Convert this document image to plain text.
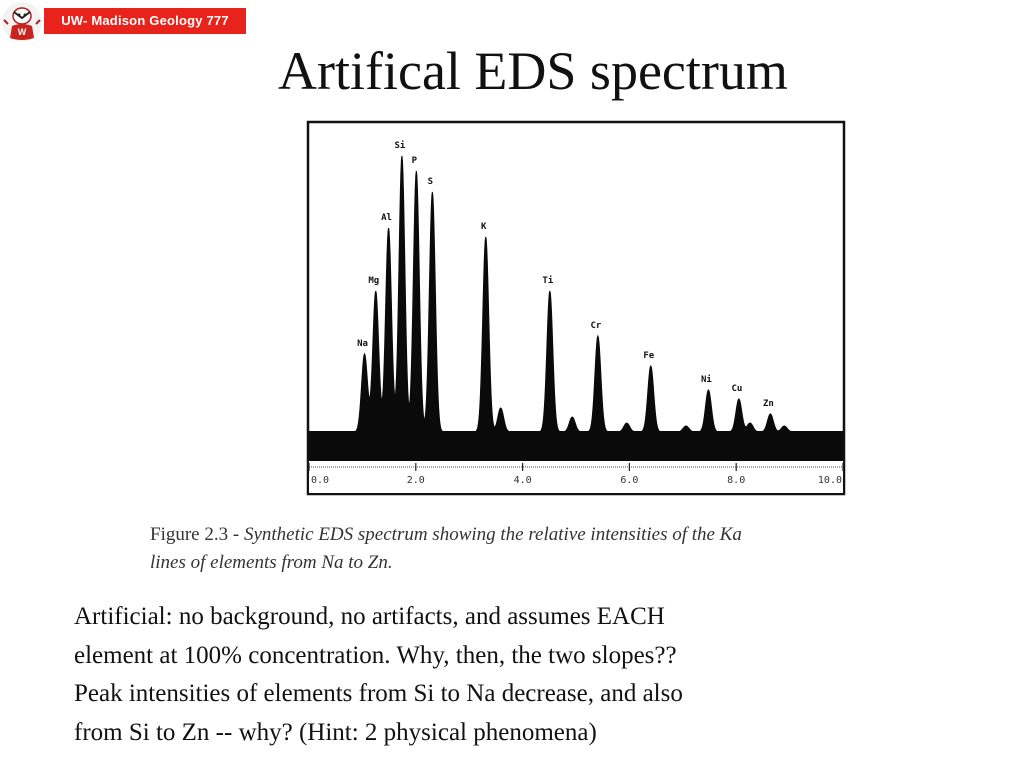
W
UW- Madison Geology 777
Artifical EDS spectrum
Na
Mg
Al
Si
P
S
K
Ti
Cr
Fe
Ni
Cu
Zn
0.0	2.0	4.0	6.0	8.0	10.0
Figure 2.3 - Synthetic EDS spectrum showing the relative intensities of the Ka
lines of elements from Na to Zn.
Artificial: no background, no artifacts, and assumes EACH
element at 100% concentration. Why, then, the two slopes??
Peak intensities of elements from Si to Na decrease, and also
from Si to Zn -- why? (Hint: 2 physical phenomena)
